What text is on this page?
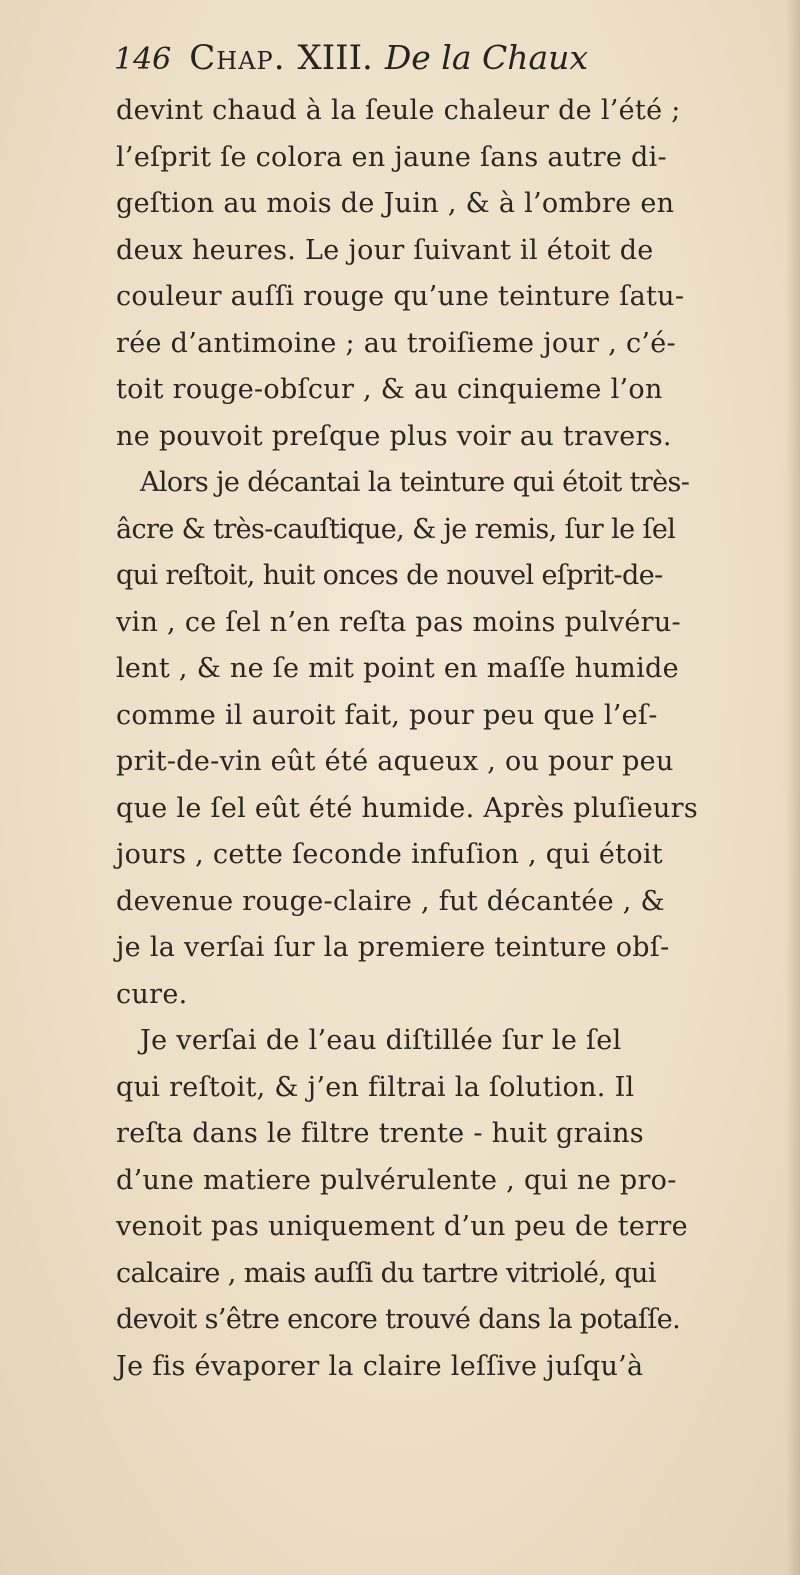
146 Chap. XIII. De la Chaux
devint chaud à la ſeule chaleur de l’été ;
l’eſprit ſe colora en jaune ſans autre di-
geſtion au mois de Juin , & à l’ombre en
deux heures. Le jour ſuivant il étoit de
couleur auſſi rouge qu’une teinture ſatu-
rée d’antimoine ; au troiſieme jour , c’é-
toit rouge-obſcur , & au cinquieme l’on
ne pouvoit preſque plus voir au travers.
Alors je décantai la teinture qui étoit très-
âcre & très-cauſtique, & je remis, ſur le ſel
qui reſtoit, huit onces de nouvel eſprit-de-
vin , ce ſel n’en reſta pas moins pulvéru-
lent , & ne ſe mit point en maſſe humide
comme il auroit fait, pour peu que l’eſ-
prit-de-vin eût été aqueux , ou pour peu
que le ſel eût été humide. Après pluſieurs
jours , cette ſeconde infuſion , qui étoit
devenue rouge-claire , fut décantée , &
je la verſai ſur la premiere teinture obſ-
cure.
Je verſai de l’eau diſtillée ſur le ſel
qui reſtoit, & j’en filtrai la ſolution. Il
reſta dans le filtre trente - huit grains
d’une matiere pulvérulente , qui ne pro-
venoit pas uniquement d’un peu de terre
calcaire , mais auſſi du tartre vitriolé, qui
devoit s’être encore trouvé dans la potaſſe.
Je fis évaporer la claire leſſive juſqu’à
